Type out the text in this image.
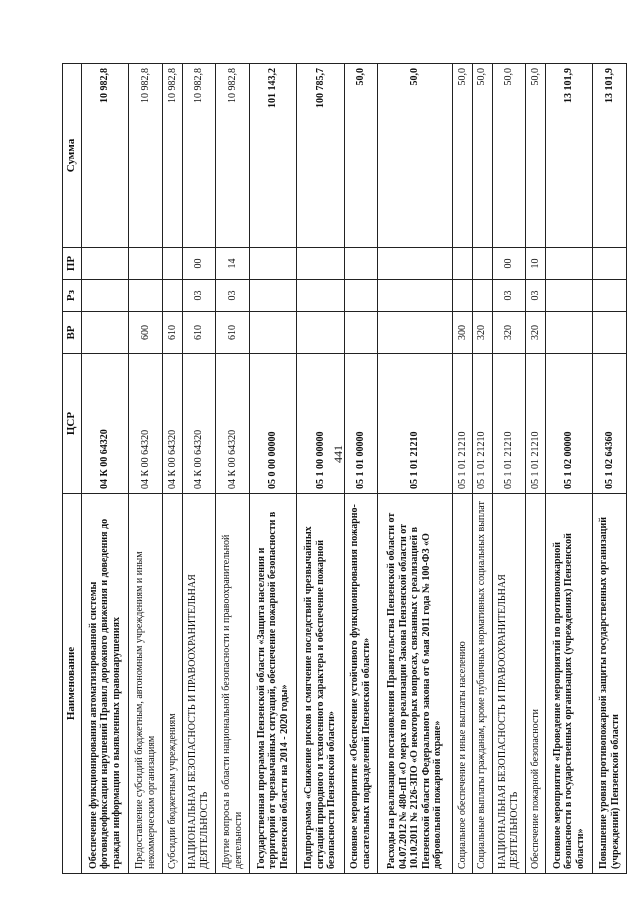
441
Наименование	ЦСР	ВР	Рз	ПР	Сумма
Обеспечение функционирования автоматизированной системы фотовидеофиксации нарушений Правил дорожного движения и доведения до граждан информации о выявленных правонарушениях	04 К 00 64320				10 982,8
Предоставление субсидий бюджетным, автономным учреждениям и иным некоммерческим организациям	04 К 00 64320	600			10 982,8
Субсидии бюджетным учреждениям	04 К 00 64320	610			10 982,8
НАЦИОНАЛЬНАЯ БЕЗОПАСНОСТЬ И ПРАВООХРАНИТЕЛЬНАЯ ДЕЯТЕЛЬНОСТЬ	04 К 00 64320	610	03	00	10 982,8
Другие вопросы в области национальной безопасности и правоохранительной деятельности	04 К 00 64320	610	03	14	10 982,8
Государственная программа Пензенской области «Защита населения и территорий от чрезвычайных ситуаций, обеспечение пожарной безопасности в Пензенской области на 2014 - 2020 годы»	05 0 00 00000				101 143,2
Подпрограмма «Снижение рисков и смягчение последствий чрезвычайных ситуаций природного и техногенного характера и обеспечение пожарной безопасности Пензенской области»	05 1 00 00000				100 785,7
Основное мероприятие «Обеспечение устойчивого функционирования пожарно-спасательных подразделений Пензенской области»	05 1 01 00000				50,0
Расходы на реализацию постановления Правительства Пензенской области от 04.07.2012 № 480-пП «О мерах по реализации Закона Пензенской области от 10.10.2011 № 2126-ЗПО «О некоторых вопросах, связанных с реализацией в Пензенской области Федерального закона от 6 мая 2011 года № 100-ФЗ «О добровольной пожарной охране»	05 1 01 21210				50,0
Социальное обеспечение и иные выплаты населению	05 1 01 21210	300			50,0
Социальные выплаты гражданам, кроме публичных нормативных социальных выплат	05 1 01 21210	320			50,0
НАЦИОНАЛЬНАЯ БЕЗОПАСНОСТЬ И ПРАВООХРАНИТЕЛЬНАЯ ДЕЯТЕЛЬНОСТЬ	05 1 01 21210	320	03	00	50,0
Обеспечение пожарной безопасности	05 1 01 21210	320	03	10	50,0
Основное мероприятие «Проведение мероприятий по противопожарной безопасности в государственных организациях (учреждениях) Пензенской области»	05 1 02 00000				13 101,9
Повышение уровня противопожарной защиты государственных организаций (учреждений) Пензенской области	05 1 02 64360				13 101,9
